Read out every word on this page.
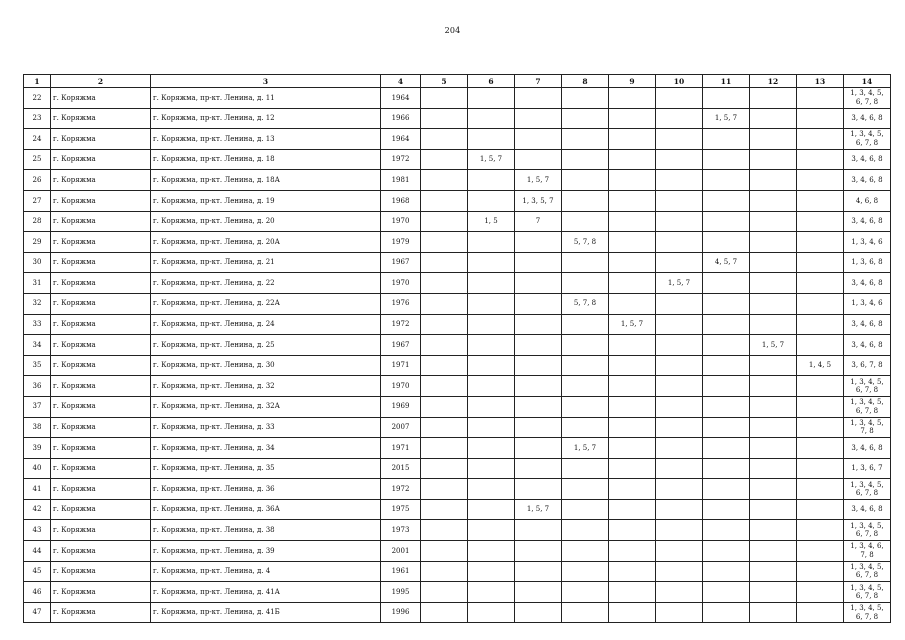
204
1	2	3	4	5	6	7	8	9	10	11	12	13	14
22	г. Коряжма	г. Коряжма, пр-кт. Ленина, д. 11	1964										1, 3, 4, 5, 6, 7, 8
23	г. Коряжма	г. Коряжма, пр-кт. Ленина, д. 12	1966							1, 5, 7			3, 4, 6, 8
24	г. Коряжма	г. Коряжма, пр-кт. Ленина, д. 13	1964										1, 3, 4, 5, 6, 7, 8
25	г. Коряжма	г. Коряжма, пр-кт. Ленина, д. 18	1972		1, 5, 7								3, 4, 6, 8
26	г. Коряжма	г. Коряжма, пр-кт. Ленина, д. 18А	1981			1, 5, 7							3, 4, 6, 8
27	г. Коряжма	г. Коряжма, пр-кт. Ленина, д. 19	1968			1, 3, 5, 7							4, 6, 8
28	г. Коряжма	г. Коряжма, пр-кт. Ленина, д. 20	1970		1, 5	7							3, 4, 6, 8
29	г. Коряжма	г. Коряжма, пр-кт. Ленина, д. 20А	1979				5, 7, 8						1, 3, 4, 6
30	г. Коряжма	г. Коряжма, пр-кт. Ленина, д. 21	1967							4, 5, 7			1, 3, 6, 8
31	г. Коряжма	г. Коряжма, пр-кт. Ленина, д. 22	1970						1, 5, 7				3, 4, 6, 8
32	г. Коряжма	г. Коряжма, пр-кт. Ленина, д. 22А	1976				5, 7, 8						1, 3, 4, 6
33	г. Коряжма	г. Коряжма, пр-кт. Ленина, д. 24	1972					1, 5, 7					3, 4, 6, 8
34	г. Коряжма	г. Коряжма, пр-кт. Ленина, д. 25	1967								1, 5, 7		3, 4, 6, 8
35	г. Коряжма	г. Коряжма, пр-кт. Ленина, д. 30	1971									1, 4, 5	3, 6, 7, 8
36	г. Коряжма	г. Коряжма, пр-кт. Ленина, д. 32	1970										1, 3, 4, 5, 6, 7, 8
37	г. Коряжма	г. Коряжма, пр-кт. Ленина, д. 32А	1969										1, 3, 4, 5, 6, 7, 8
38	г. Коряжма	г. Коряжма, пр-кт. Ленина, д. 33	2007										1, 3, 4, 5, 7, 8
39	г. Коряжма	г. Коряжма, пр-кт. Ленина, д. 34	1971				1, 5, 7						3, 4, 6, 8
40	г. Коряжма	г. Коряжма, пр-кт. Ленина, д. 35	2015										1, 3, 6, 7
41	г. Коряжма	г. Коряжма, пр-кт. Ленина, д. 36	1972										1, 3, 4, 5, 6, 7, 8
42	г. Коряжма	г. Коряжма, пр-кт. Ленина, д. 36А	1975			1, 5, 7							3, 4, 6, 8
43	г. Коряжма	г. Коряжма, пр-кт. Ленина, д. 38	1973										1, 3, 4, 5, 6, 7, 8
44	г. Коряжма	г. Коряжма, пр-кт. Ленина, д. 39	2001										1, 3, 4, 6, 7, 8
45	г. Коряжма	г. Коряжма, пр-кт. Ленина, д. 4	1961										1, 3, 4, 5, 6, 7, 8
46	г. Коряжма	г. Коряжма, пр-кт. Ленина, д. 41А	1995										1, 3, 4, 5, 6, 7, 8
47	г. Коряжма	г. Коряжма, пр-кт. Ленина, д. 41Б	1996										1, 3, 4, 5, 6, 7, 8
